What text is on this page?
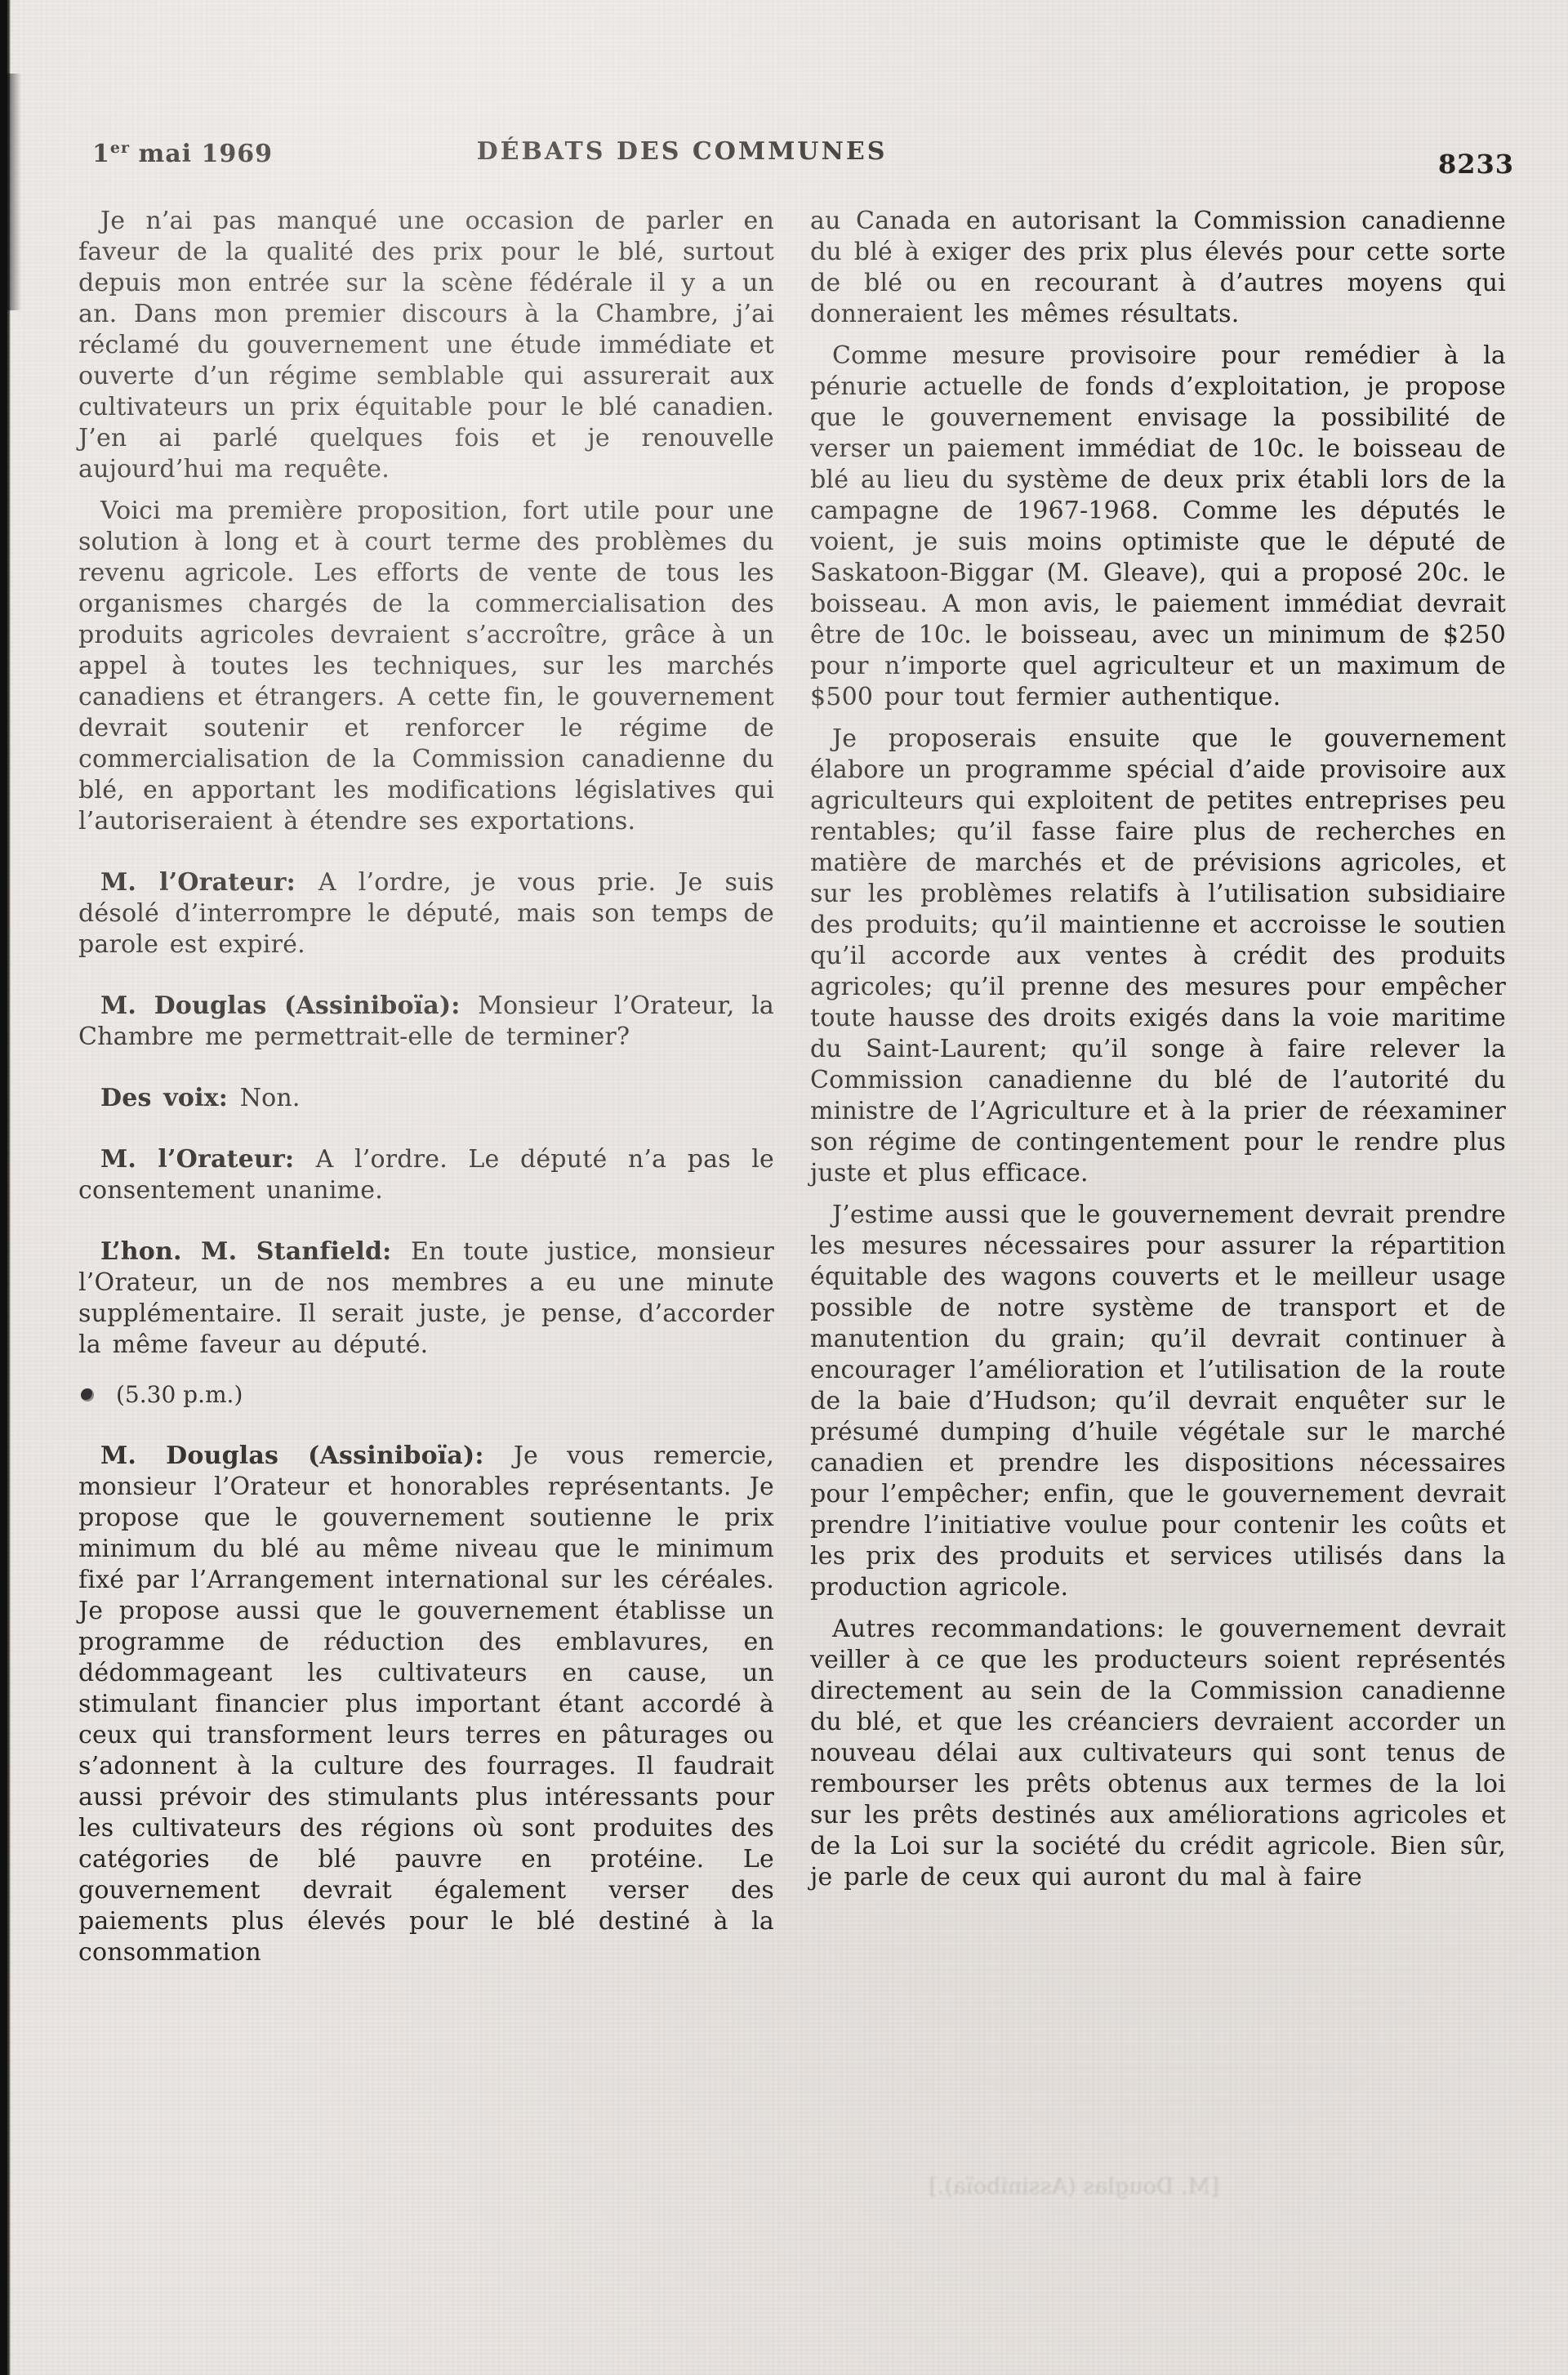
1er mai 1969	DÉBATS DES COMMUNES	8233

Je n’ai pas manqué une occasion de parler en faveur de la qualité des prix pour le blé, surtout depuis mon entrée sur la scène fédérale il y a un an. Dans mon premier discours à la Chambre, j’ai réclamé du gouvernement une étude immédiate et ouverte d’un régime semblable qui assurerait aux cultivateurs un prix équitable pour le blé canadien. J’en ai parlé quelques fois et je renouvelle aujourd’hui ma requête.

Voici ma première proposition, fort utile pour une solution à long et à court terme des problèmes du revenu agricole. Les efforts de vente de tous les organismes chargés de la commercialisation des produits agricoles devraient s’accroître, grâce à un appel à toutes les techniques, sur les marchés canadiens et étrangers. A cette fin, le gouvernement devrait soutenir et renforcer le régime de commercialisation de la Commission canadienne du blé, en apportant les modifications législatives qui l’autoriseraient à étendre ses exportations.

M. l’Orateur: A l’ordre, je vous prie. Je suis désolé d’interrompre le député, mais son temps de parole est expiré.

M. Douglas (Assiniboïa): Monsieur l’Orateur, la Chambre me permettrait-elle de terminer?

Des voix: Non.

M. l’Orateur: A l’ordre. Le député n’a pas le consentement unanime.

L’hon. M. Stanfield: En toute justice, monsieur l’Orateur, un de nos membres a eu une minute supplémentaire. Il serait juste, je pense, d’accorder la même faveur au député.

(5.30 p.m.)

M. Douglas (Assiniboïa): Je vous remercie, monsieur l’Orateur et honorables représentants. Je propose que le gouvernement soutienne le prix minimum du blé au même niveau que le minimum fixé par l’Arrangement international sur les céréales. Je propose aussi que le gouvernement établisse un programme de réduction des emblavures, en dédommageant les cultivateurs en cause, un stimulant financier plus important étant accordé à ceux qui transforment leurs terres en pâturages ou s’adonnent à la culture des fourrages. Il faudrait aussi prévoir des stimulants plus intéressants pour les cultivateurs des régions où sont produites des catégories de blé pauvre en protéine. Le gouvernement devrait également verser des paiements plus élevés pour le blé destiné à la consommation

au Canada en autorisant la Commission canadienne du blé à exiger des prix plus élevés pour cette sorte de blé ou en recourant à d’autres moyens qui donneraient les mêmes résultats.

Comme mesure provisoire pour remédier à la pénurie actuelle de fonds d’exploitation, je propose que le gouvernement envisage la possibilité de verser un paiement immédiat de 10c. le boisseau de blé au lieu du système de deux prix établi lors de la campagne de 1967-1968. Comme les députés le voient, je suis moins optimiste que le député de Saskatoon-Biggar (M. Gleave), qui a proposé 20c. le boisseau. A mon avis, le paiement immédiat devrait être de 10c. le boisseau, avec un minimum de $250 pour n’importe quel agriculteur et un maximum de $500 pour tout fermier authentique.

Je proposerais ensuite que le gouvernement élabore un programme spécial d’aide provisoire aux agriculteurs qui exploitent de petites entreprises peu rentables; qu’il fasse faire plus de recherches en matière de marchés et de prévisions agricoles, et sur les problèmes relatifs à l’utilisation subsidiaire des produits; qu’il maintienne et accroisse le soutien qu’il accorde aux ventes à crédit des produits agricoles; qu’il prenne des mesures pour empêcher toute hausse des droits exigés dans la voie maritime du Saint-Laurent; qu’il songe à faire relever la Commission canadienne du blé de l’autorité du ministre de l’Agriculture et à la prier de réexaminer son régime de contingentement pour le rendre plus juste et plus efficace.

J’estime aussi que le gouvernement devrait prendre les mesures nécessaires pour assurer la répartition équitable des wagons couverts et le meilleur usage possible de notre système de transport et de manutention du grain; qu’il devrait continuer à encourager l’amélioration et l’utilisation de la route de la baie d’Hudson; qu’il devrait enquêter sur le présumé dumping d’huile végétale sur le marché canadien et prendre les dispositions nécessaires pour l’empêcher; enfin, que le gouvernement devrait prendre l’initiative voulue pour contenir les coûts et les prix des produits et services utilisés dans la production agricole.

Autres recommandations: le gouvernement devrait veiller à ce que les producteurs soient représentés directement au sein de la Commission canadienne du blé, et que les créanciers devraient accorder un nouveau délai aux cultivateurs qui sont tenus de rembourser les prêts obtenus aux termes de la loi sur les prêts destinés aux améliorations agricoles et de la Loi sur la société du crédit agricole. Bien sûr, je parle de ceux qui auront du mal à faire

[M. Douglas (Assiniboïa).]
